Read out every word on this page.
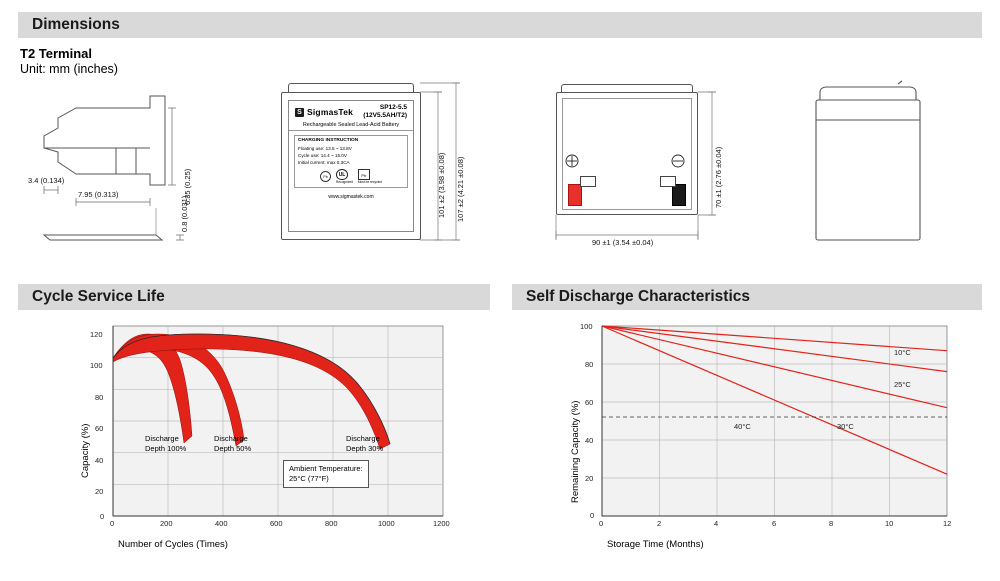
Dimensions
Cycle Service Life	Self Discharge Characteristics
T2 Terminal
Unit: mm (inches)
6.35 (0.25)
3.4 (0.134)
7.95 (0.313)
0.8 (0.031)
S SigmasTek	SP12-5.5
(12V5.5AH/T2)
Rechargeable Sealed Lead-Acid Battery
CHARGING INSTRUCTION
Floating use: 13.5 ~ 13.8V
Cycle use: 14.4 ~ 15.0V
Initial current: max 0.3CA
Pb	UL
Recognized
Pb
Must be recycled
www.sigmastek.com	101 ±2 (3.98 ±0.08) 107 ±2 (4.21 ±0.08)	70 ±1 (2.76 ±0.04)
90 ±1 (3.54 ±0.04)
120
100
80
60
40
20
0
0	200	400	600	800	1000	1200
Capacity (%)
Number of Cycles (Times)
Discharge
Depth 100%
Discharge
Depth 50%
Discharge
Depth 30%
Ambient Temperature:
25°C (77°F)
100
80
60
40
20
0
0	2	4	6	8	10	12
Remaining Capacity (%)
Storage Time (Months)
10°C
25°C
30°C
40°C
